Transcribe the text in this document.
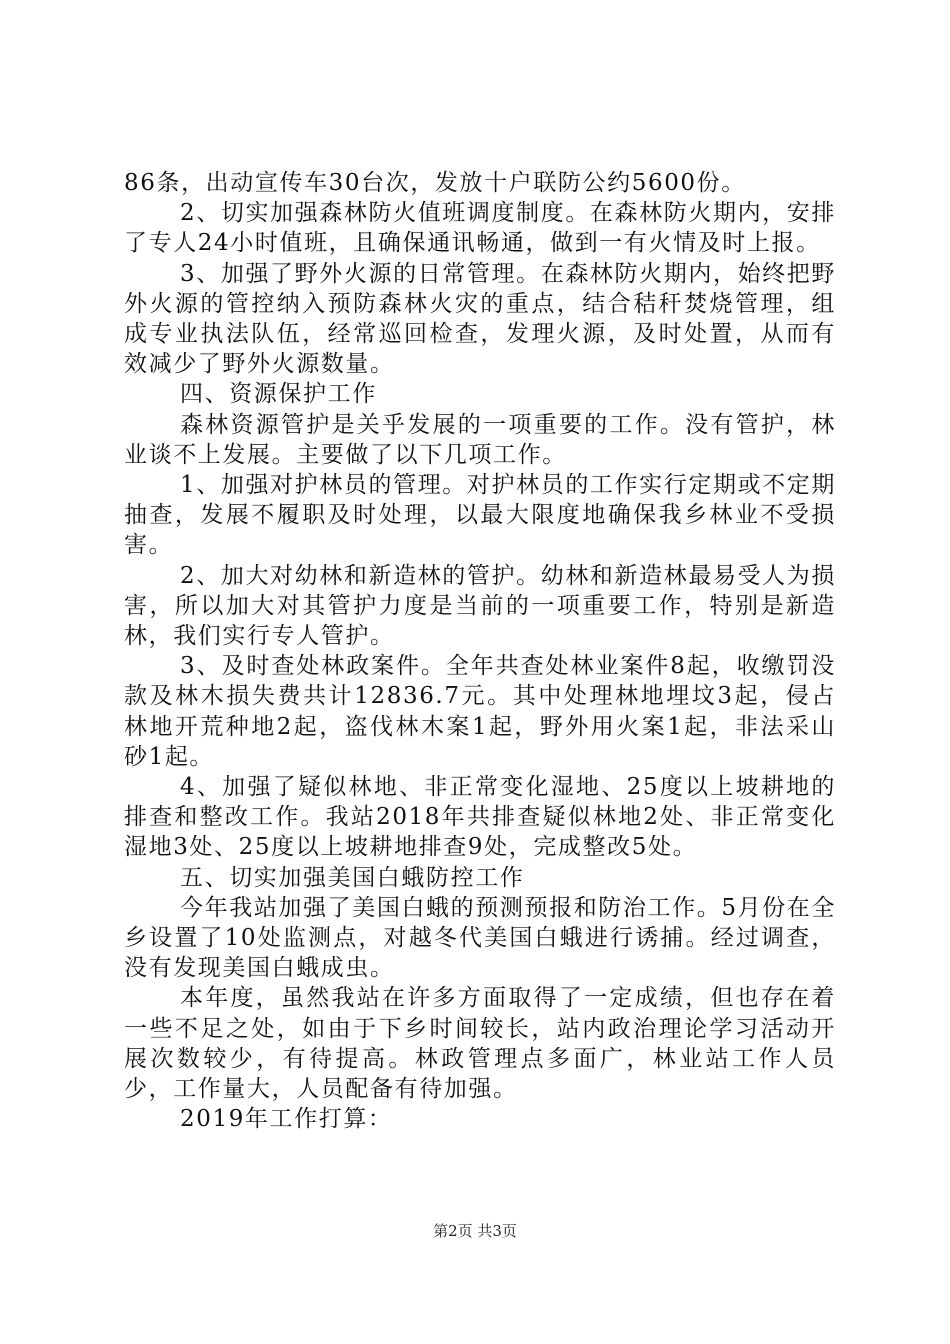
86条，出动宣传车30台次，发放十户联防公约5600份。

2、切实加强森林防火值班调度制度。在森林防火期内，安排了专人24小时值班，且确保通讯畅通，做到一有火情及时上报。

3、加强了野外火源的日常管理。在森林防火期内，始终把野外火源的管控纳入预防森林火灾的重点，结合秸秆焚烧管理，组成专业执法队伍，经常巡回检查，发理火源，及时处置，从而有效减少了野外火源数量。

四、资源保护工作

森林资源管护是关乎发展的一项重要的工作。没有管护，林业谈不上发展。主要做了以下几项工作。

1、加强对护林员的管理。对护林员的工作实行定期或不定期抽查，发展不履职及时处理，以最大限度地确保我乡林业不受损害。

2、加大对幼林和新造林的管护。幼林和新造林最易受人为损害，所以加大对其管护力度是当前的一项重要工作，特别是新造林，我们实行专人管护。

3、及时查处林政案件。全年共查处林业案件8起，收缴罚没款及林木损失费共计12836.7元。其中处理林地埋坟3起，侵占林地开荒种地2起，盗伐林木案1起，野外用火案1起，非法采山砂1起。

4、加强了疑似林地、非正常变化湿地、25度以上坡耕地的排查和整改工作。我站2018年共排查疑似林地2处、非正常变化湿地3处、25度以上坡耕地排查9处，完成整改5处。

五、切实加强美国白蛾防控工作

今年我站加强了美国白蛾的预测预报和防治工作。5月份在全乡设置了10处监测点，对越冬代美国白蛾进行诱捕。经过调查，没有发现美国白蛾成虫。

本年度，虽然我站在许多方面取得了一定成绩，但也存在着一些不足之处，如由于下乡时间较长，站内政治理论学习活动开展次数较少，有待提高。林政管理点多面广，林业站工作人员少，工作量大，人员配备有待加强。

2019年工作打算：

第2页 共3页
